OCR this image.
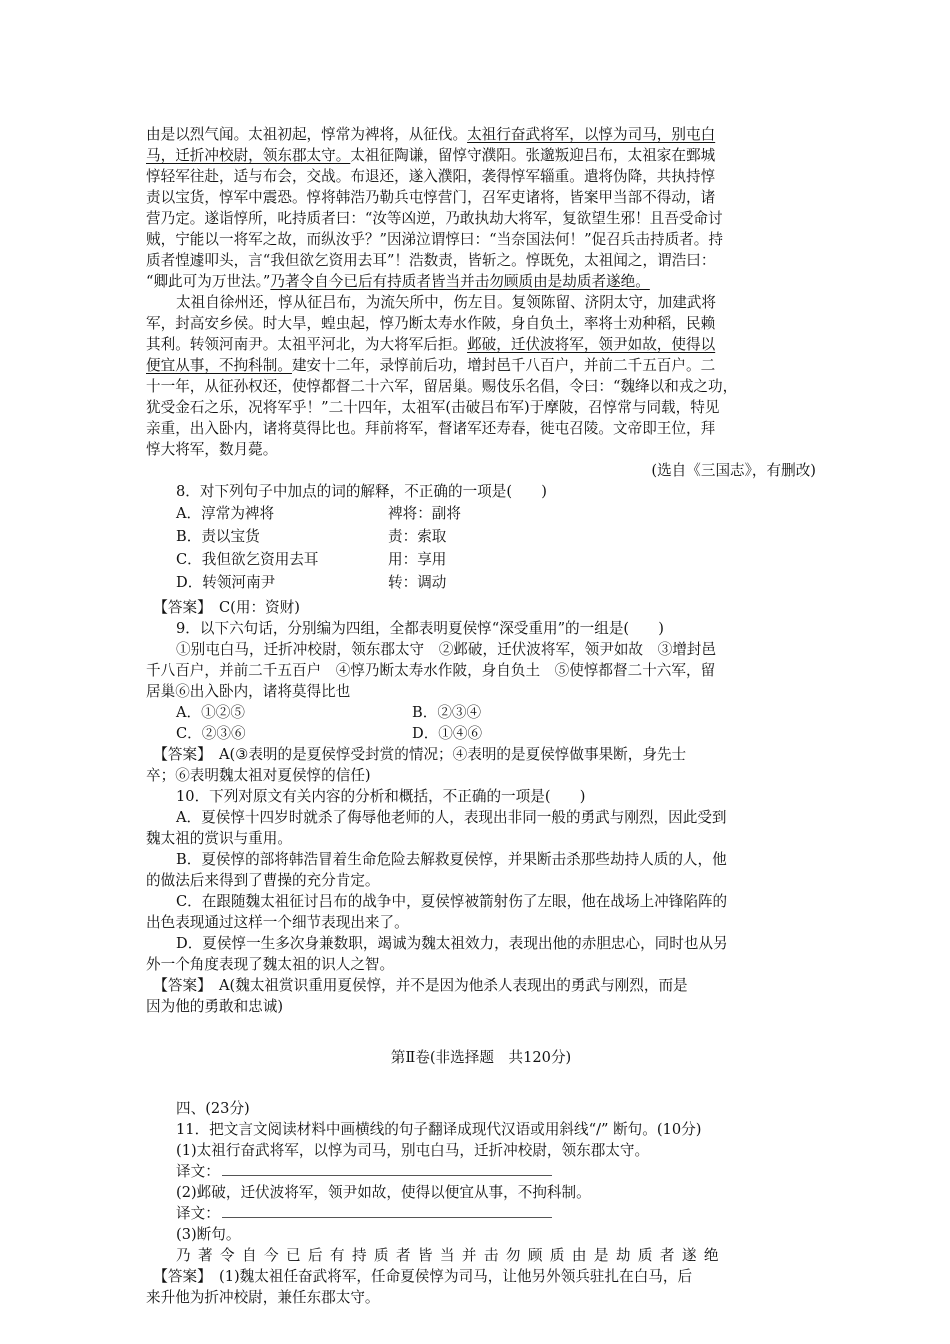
由是以烈气闻。太祖初起，惇常为裨将，从征伐。太祖行奋武将军，以惇为司马，别屯白
马，迁折冲校尉，领东郡太守。太祖征陶谦，留惇守濮阳。张邈叛迎吕布，太祖家在鄄城
惇轻军往赴，适与布会，交战。布退还，遂入濮阳，袭得惇军辎重。遣将伪降，共执持惇
责以宝货，惇军中震恐。惇将韩浩乃勒兵屯惇营门，召军吏诸将，皆案甲当部不得动，诸
营乃定。遂诣惇所，叱持质者曰：“汝等凶逆，乃敢执劫大将军，复欲望生邪！且吾受命讨
贼，宁能以一将军之故，而纵汝乎？”因涕泣谓惇曰：“当奈国法何！”促召兵击持质者。持
质者惶遽叩头，言“我但欲乞资用去耳”！浩数责，皆斩之。惇既免，太祖闻之，谓浩曰：
“卿此可为万世法。”乃著令自今已后有持质者皆当并击勿顾质由是劫质者遂绝。
太祖自徐州还，惇从征吕布，为流矢所中，伤左目。复领陈留、济阴太守，加建武将
军，封高安乡侯。时大旱，蝗虫起，惇乃断太寿水作陂，身自负土，率将士劝种稻，民赖
其利。转领河南尹。太祖平河北，为大将军后拒。邺破，迁伏波将军，领尹如故，使得以
便宜从事，不拘科制。建安十二年，录惇前后功，增封邑千八百户，并前二千五百户。二
十一年，从征孙权还，使惇都督二十六军，留居巢。赐伎乐名倡，令曰：“魏绛以和戎之功，
犹受金石之乐，况将军乎！”二十四年，太祖军(击破吕布军)于摩陂，召惇常与同载，特见
亲重，出入卧内，诸将莫得比也。拜前将军，督诸军还寿春，徙屯召陵。文帝即王位，拜
惇大将军，数月薨。
(选自《三国志》，有删改)
8．对下列句子中加点的词的解释，不正确的一项是(　　)
A．淳常为裨将	裨将：副将
B．责以宝货	责：索取
C．我但欲乞资用去耳	用：享用
D．转领河南尹	转：调动
　【答案】　 C(用：资财)
9．以下六句话，分别编为四组，全都表明夏侯惇“深受重用”的一组是(　　)
①别屯白马，迁折冲校尉，领东郡太守　②邺破，迁伏波将军，领尹如故　③增封邑
千八百户，并前二千五百户　④惇乃断太寿水作陂，身自负土　⑤使惇都督二十六军，留
居巢⑥出入卧内，诸将莫得比也
A．①②⑤	B．②③④
C．②③⑥	D．①④⑥
　【答案】　 A(③表明的是夏侯惇受封赏的情况；④表明的是夏侯惇做事果断，身先士
卒；⑥表明魏太祖对夏侯惇的信任)
10．下列对原文有关内容的分析和概括，不正确的一项是(　　)
A．夏侯惇十四岁时就杀了侮辱他老师的人，表现出非同一般的勇武与刚烈，因此受到
魏太祖的赏识与重用。
B．夏侯惇的部将韩浩冒着生命危险去解救夏侯惇，并果断击杀那些劫持人质的人，他
的做法后来得到了曹操的充分肯定。
C．在跟随魏太祖征讨吕布的战争中，夏侯惇被箭射伤了左眼，他在战场上冲锋陷阵的
出色表现通过这样一个细节表现出来了。
D．夏侯惇一生多次身兼数职，竭诚为魏太祖效力，表现出他的赤胆忠心，同时也从另
外一个角度表现了魏太祖的识人之智。
　【答案】　 A(魏太祖赏识重用夏侯惇，并不是因为他杀人表现出的勇武与刚烈，而是
因为他的勇敢和忠诚)
第Ⅱ卷(非选择题　共120分)
四、(23分)
11．把文言文阅读材料中画横线的句子翻译成现代汉语或用斜线“/” 断句。(10分)
(1)太祖行奋武将军，以惇为司马，别屯白马，迁折冲校尉，领东郡太守。
译文：
(2)邺破，迁伏波将军，领尹如故，使得以便宜从事，不拘科制。
译文：
(3)断句。
乃著令自今已后有持质者皆当并击勿顾质由是劫质者遂绝
　【答案】　 (1)魏太祖任奋武将军，任命夏侯惇为司马，让他另外领兵驻扎在白马，后
来升他为折冲校尉，兼任东郡太守。
